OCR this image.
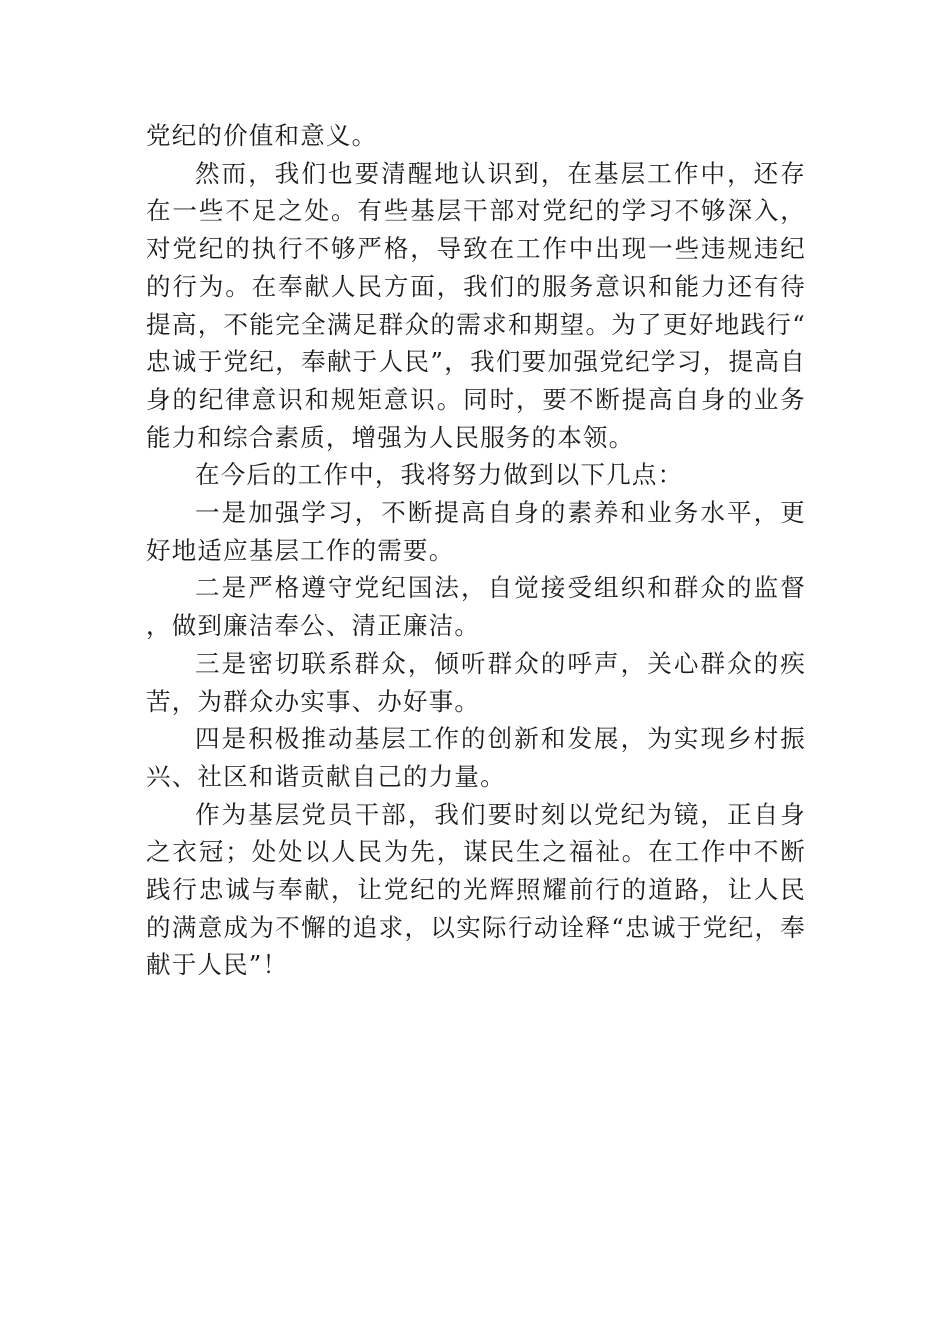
党纪的价值和意义。

然而，我们也要清醒地认识到，在基层工作中，还存在一些不足之处。有些基层干部对党纪的学习不够深入，对党纪的执行不够严格，导致在工作中出现一些违规违纪的行为。在奉献人民方面，我们的服务意识和能力还有待提高，不能完全满足群众的需求和期望。为了更好地践行“忠诚于党纪，奉献于人民”，我们要加强党纪学习，提高自身的纪律意识和规矩意识。同时，要不断提高自身的业务能力和综合素质，增强为人民服务的本领。

在今后的工作中，我将努力做到以下几点：

一是加强学习，不断提高自身的素养和业务水平，更好地适应基层工作的需要。

二是严格遵守党纪国法，自觉接受组织和群众的监督，做到廉洁奉公、清正廉洁。

三是密切联系群众，倾听群众的呼声，关心群众的疾苦，为群众办实事、办好事。

四是积极推动基层工作的创新和发展，为实现乡村振兴、社区和谐贡献自己的力量。

作为基层党员干部，我们要时刻以党纪为镜，正自身之衣冠；处处以人民为先，谋民生之福祉。在工作中不断践行忠诚与奉献，让党纪的光辉照耀前行的道路，让人民的满意成为不懈的追求，以实际行动诠释“忠诚于党纪，奉献于人民”！
